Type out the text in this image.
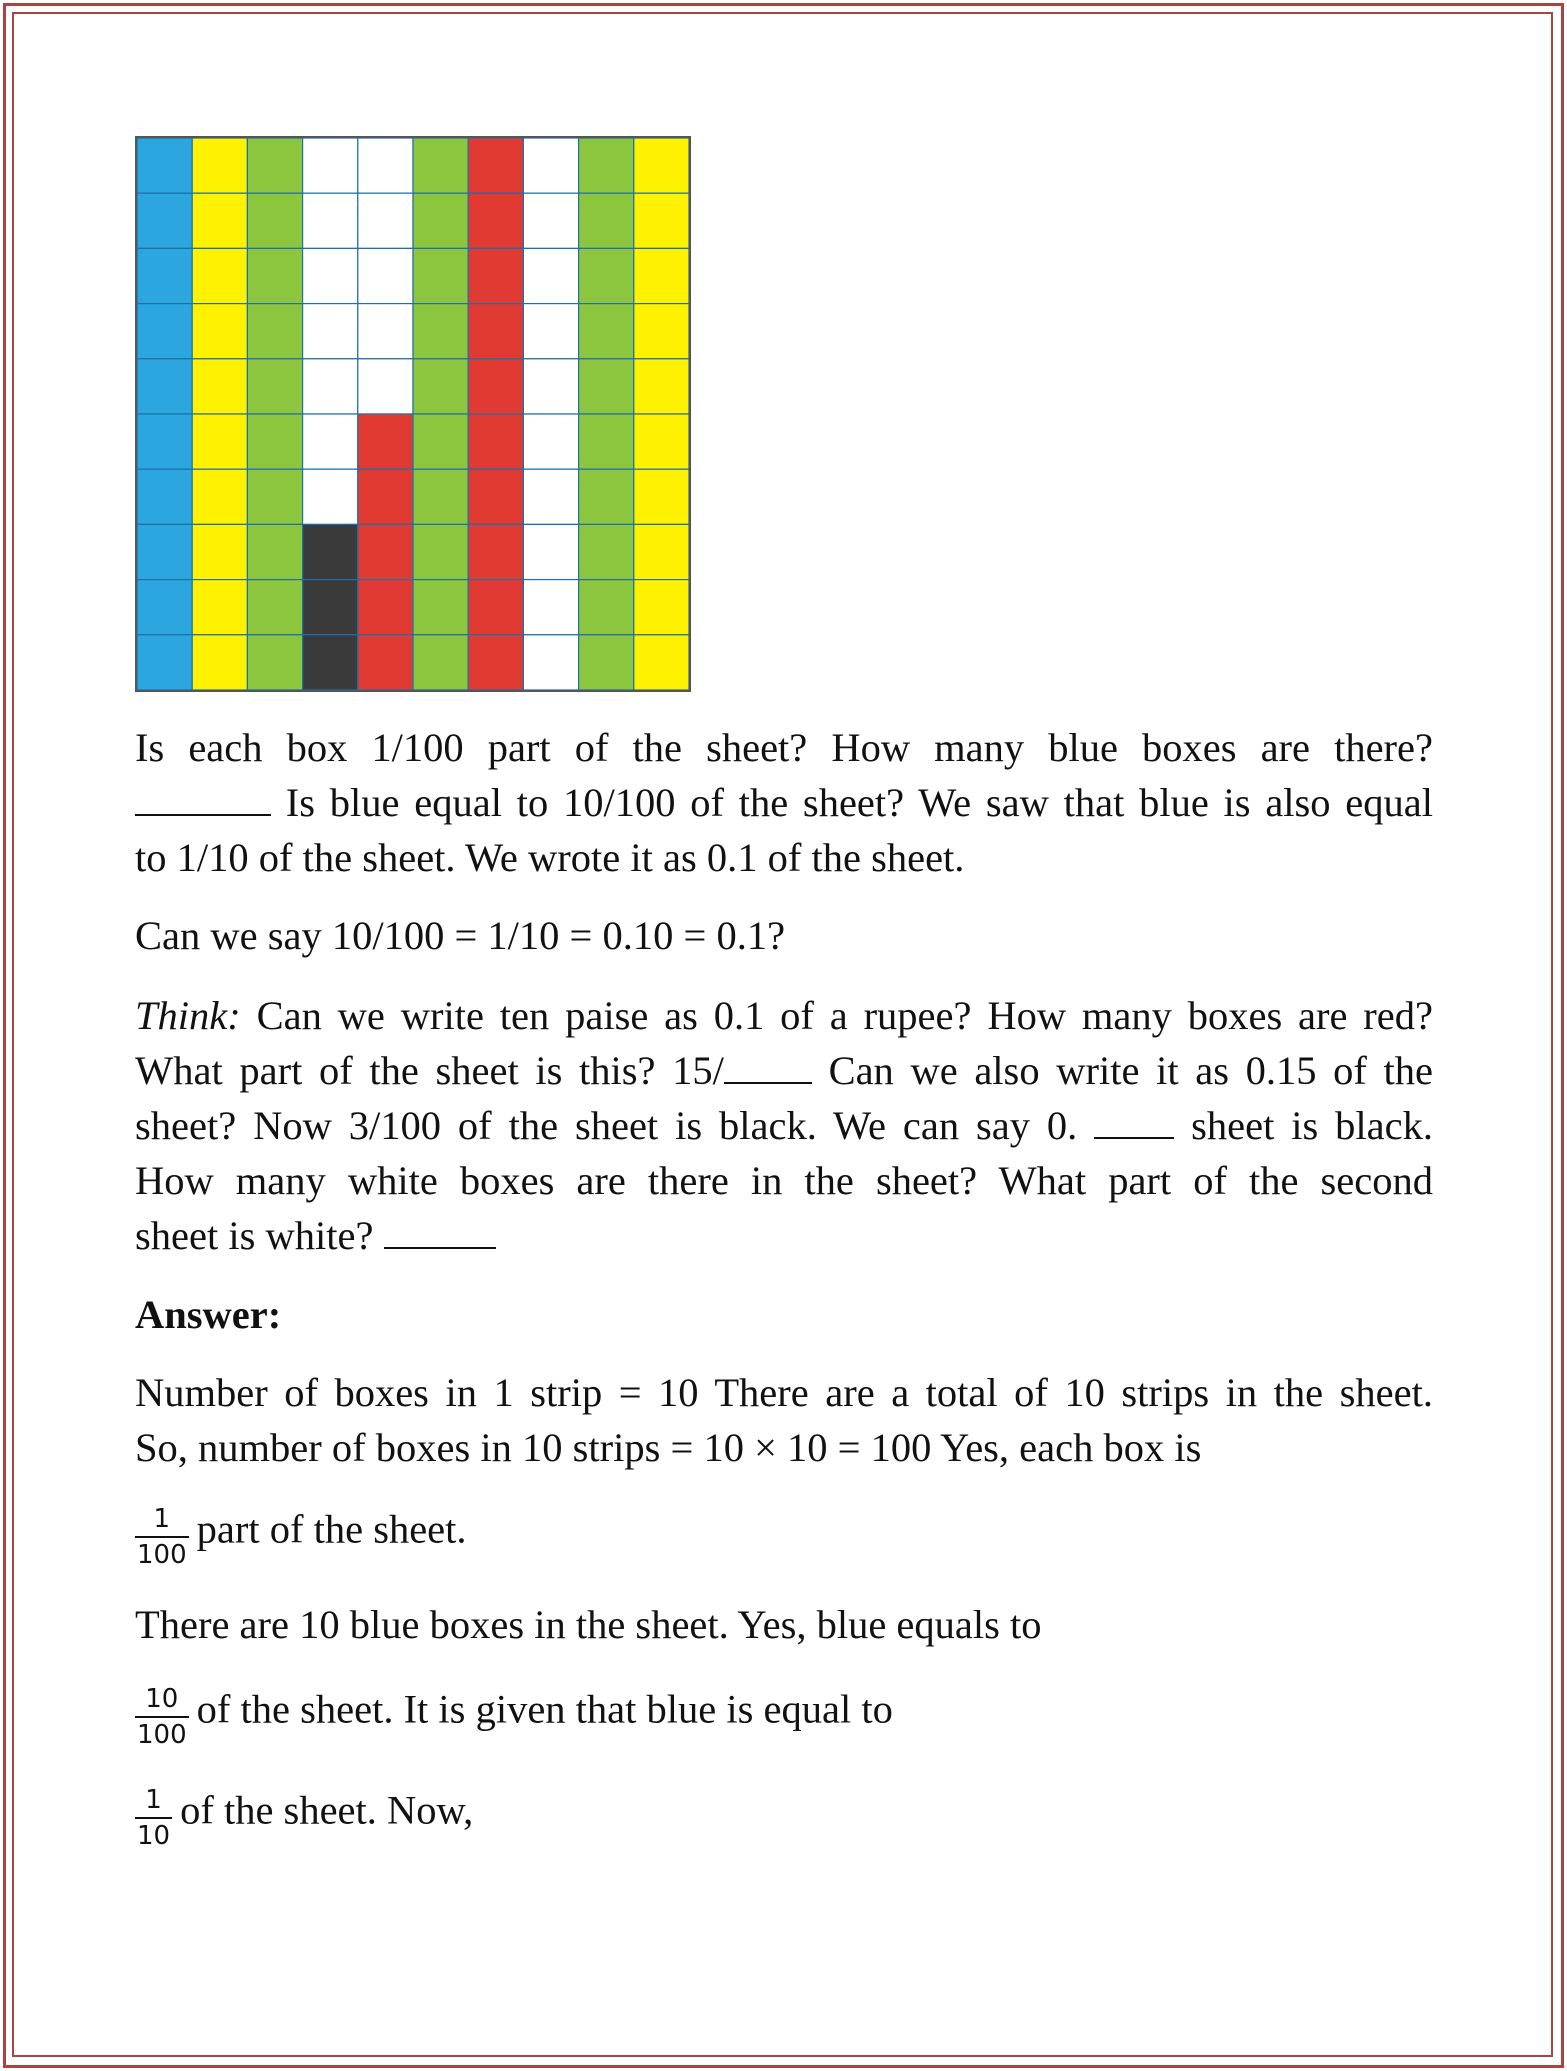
Is each box 1/100 part of the sheet? How many blue boxes are there?
Is blue equal to 10/100 of the sheet? We saw that blue is also equal
to 1/10 of the sheet. We wrote it as 0.1 of the sheet.
Can we say 10/100 = 1/10 = 0.10 = 0.1?
Think: Can we write ten paise as 0.1 of a rupee? How many boxes are red?
What part of the sheet is this? 15/	Can we also write it as 0.15 of the
sheet? Now 3/100 of the sheet is black. We can say 0.	sheet is black.
How many white boxes are there in the sheet? What part of the second
sheet is white?
Answer:
Number of boxes in 1 strip = 10 There are a total of 10 strips in the sheet.
So, number of boxes in 10 strips = 10 × 10 = 100 Yes, each box is
$\frac{1}{100}$ part of the sheet.
There are 10 blue boxes in the sheet. Yes, blue equals to
$\frac{10}{100}$ of the sheet. It is given that blue is equal to
$\frac{1}{10}$ of the sheet. Now,
